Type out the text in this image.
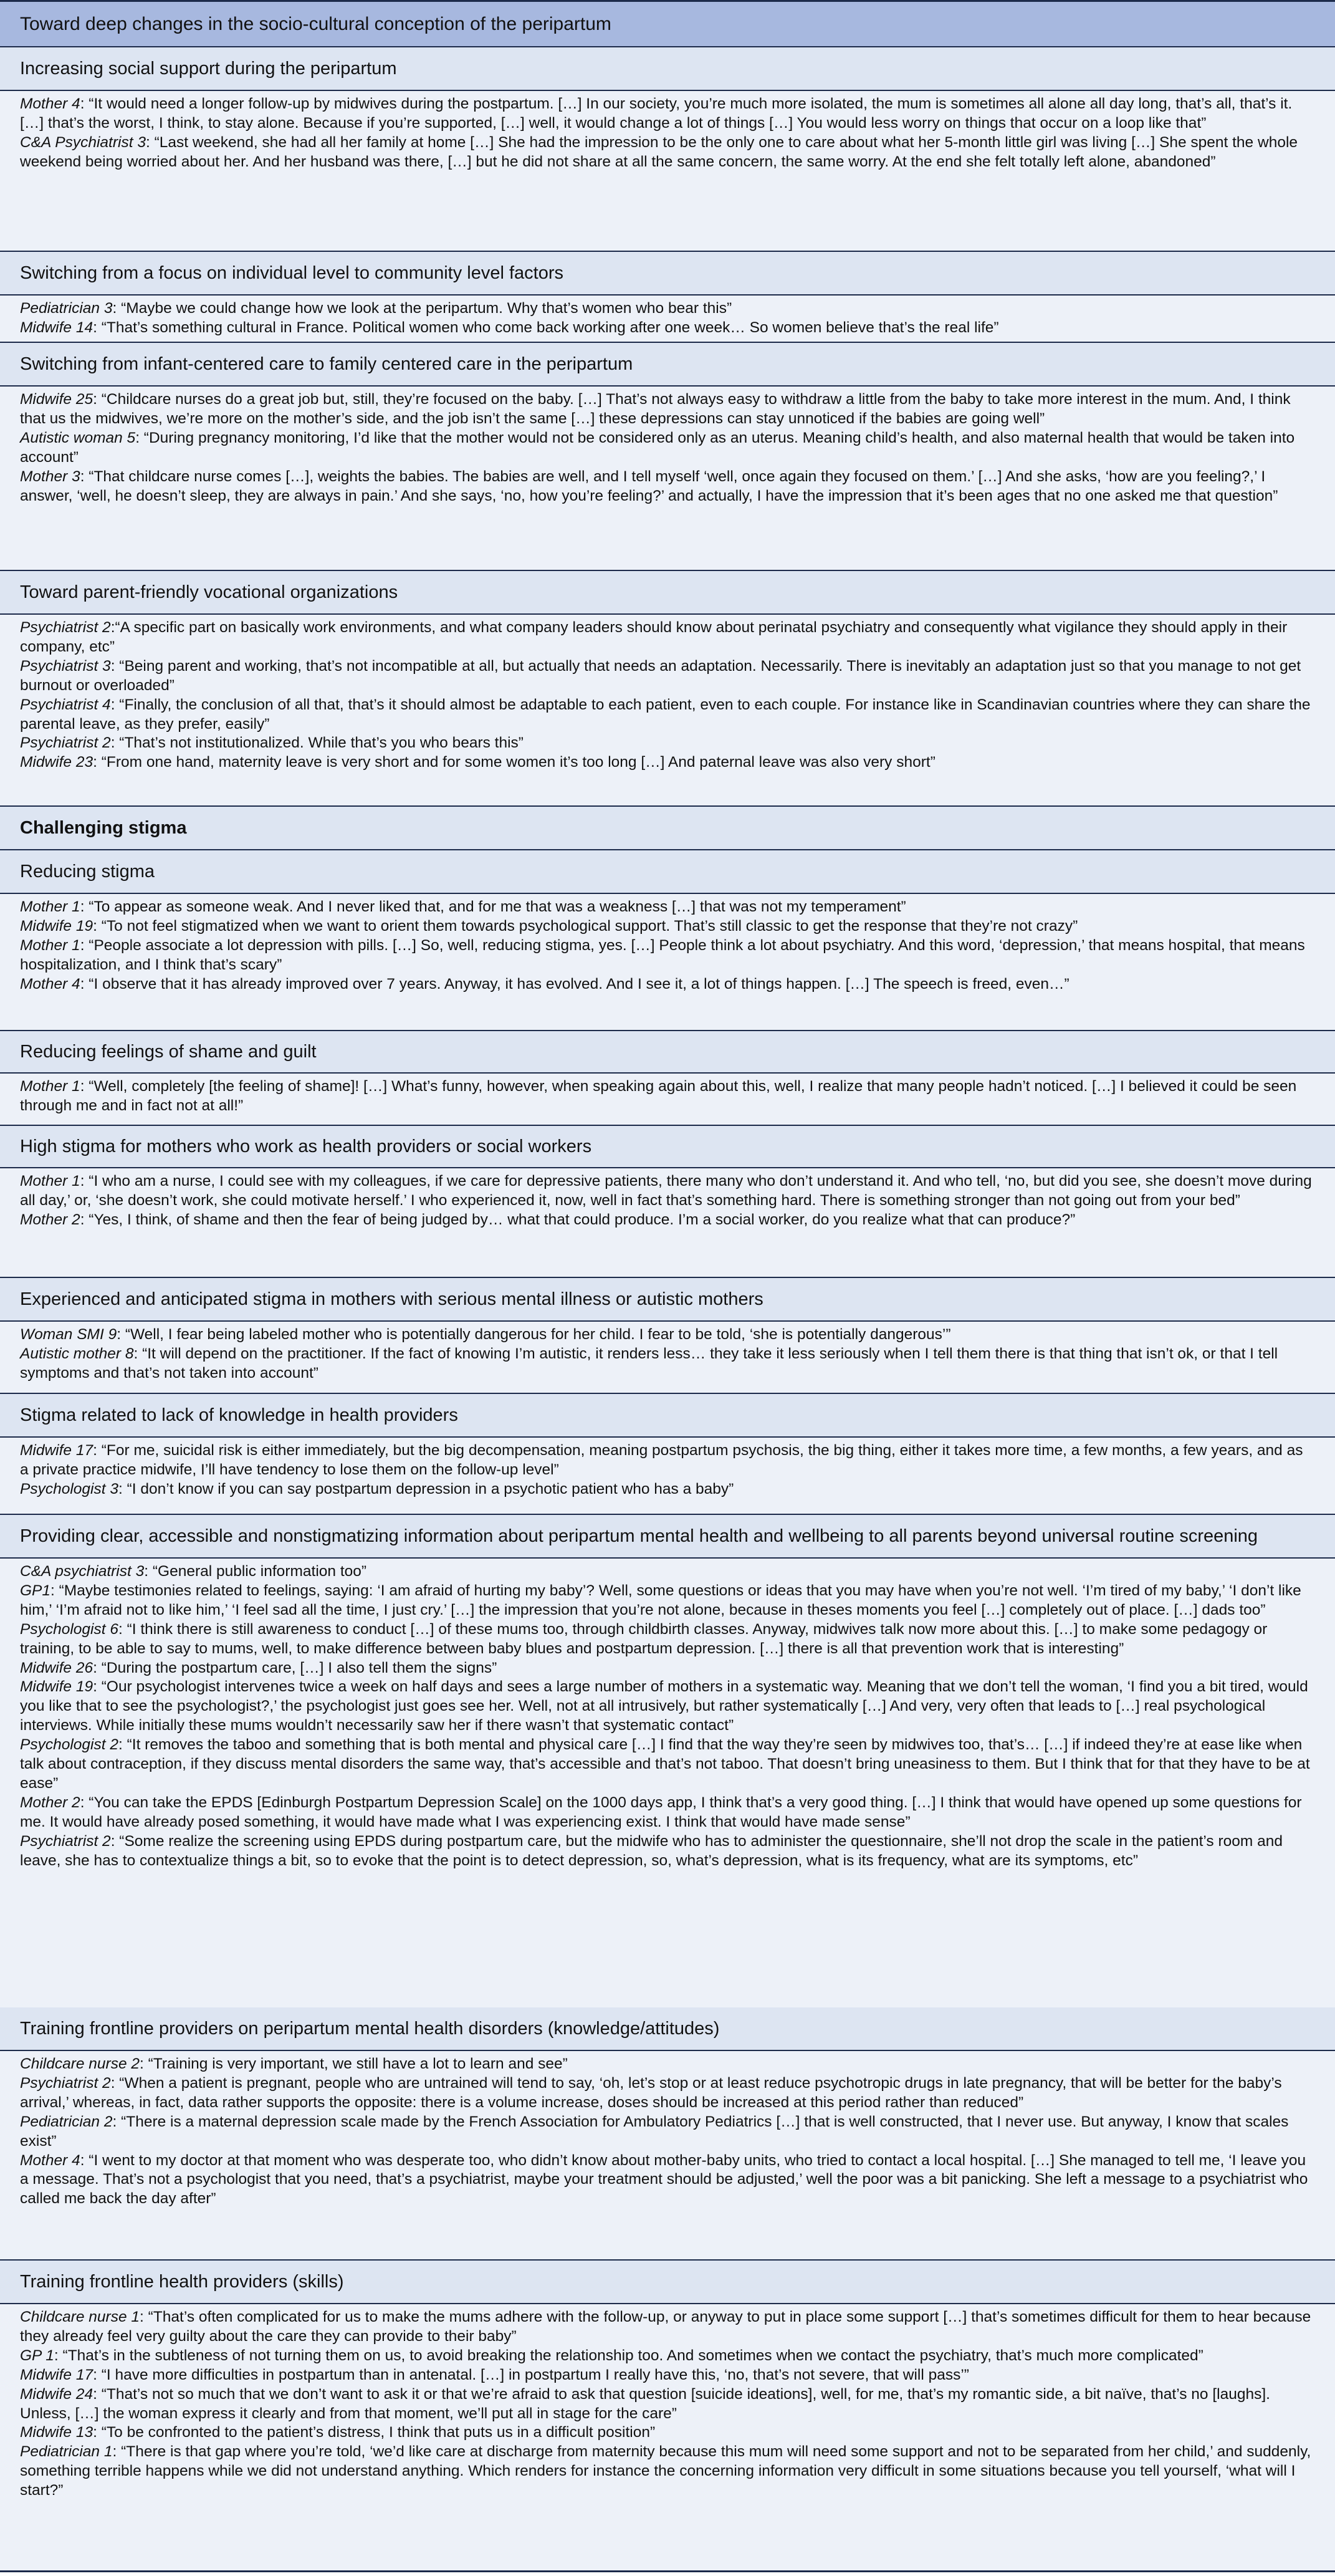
Toward deep changes in the socio-cultural conception of the peripartum
Increasing social support during the peripartum

Mother 4: “It would need a longer follow-up by midwives during the postpartum. […] In our society, you’re much more isolated, the mum is sometimes all alone all day long, that’s all, that’s it. […] that’s the worst, I think, to stay alone. Because if you’re supported, […] well, it would change a lot of things […] You would less worry on things that occur on a loop like that”

C&A Psychiatrist 3: “Last weekend, she had all her family at home […] She had the impression to be the only one to care about what her 5-month little girl was living […] She spent the whole weekend being worried about her. And her husband was there, […] but he did not share at all the same concern, the same worry. At the end she felt totally left alone, abandoned”

Switching from a focus on individual level to community level factors

Pediatrician 3: “Maybe we could change how we look at the peripartum. Why that’s women who bear this”

Midwife 14: “That’s something cultural in France. Political women who come back working after one week… So women believe that’s the real life”

Switching from infant-centered care to family centered care in the peripartum

Midwife 25: “Childcare nurses do a great job but, still, they’re focused on the baby. […] That’s not always easy to withdraw a little from the baby to take more interest in the mum. And, I think that us the midwives, we’re more on the mother’s side, and the job isn’t the same […] these depressions can stay unnoticed if the babies are going well”

Autistic woman 5: “During pregnancy monitoring, I’d like that the mother would not be considered only as an uterus. Meaning child’s health, and also maternal health that would be taken into account”

Mother 3: “That childcare nurse comes […], weights the babies. The babies are well, and I tell myself ‘well, once again they focused on them.’ […] And she asks, ‘how are you feeling?,’ I answer, ‘well, he doesn’t sleep, they are always in pain.’ And she says, ‘no, how you’re feeling?’ and actually, I have the impression that it’s been ages that no one asked me that question”

Toward parent-friendly vocational organizations

Psychiatrist 2:“A specific part on basically work environments, and what company leaders should know about perinatal psychiatry and consequently what vigilance they should apply in their company, etc”

Psychiatrist 3: “Being parent and working, that’s not incompatible at all, but actually that needs an adaptation. Necessarily. There is inevitably an adaptation just so that you manage to not get burnout or overloaded”

Psychiatrist 4: “Finally, the conclusion of all that, that’s it should almost be adaptable to each patient, even to each couple. For instance like in Scandinavian countries where they can share the parental leave, as they prefer, easily”

Psychiatrist 2: “That’s not institutionalized. While that’s you who bears this”

Midwife 23: “From one hand, maternity leave is very short and for some women it’s too long […] And paternal leave was also very short”

Challenging stigma
Reducing stigma

Mother 1: “To appear as someone weak. And I never liked that, and for me that was a weakness […] that was not my temperament”

Midwife 19: “To not feel stigmatized when we want to orient them towards psychological support. That’s still classic to get the response that they’re not crazy”

Mother 1: “People associate a lot depression with pills. […] So, well, reducing stigma, yes. […] People think a lot about psychiatry. And this word, ‘depression,’ that means hospital, that means hospitalization, and I think that’s scary”

Mother 4: “I observe that it has already improved over 7 years. Anyway, it has evolved. And I see it, a lot of things happen. […] The speech is freed, even…”

Reducing feelings of shame and guilt

Mother 1: “Well, completely [the feeling of shame]! […] What’s funny, however, when speaking again about this, well, I realize that many people hadn’t noticed. […] I believed it could be seen through me and in fact not at all!”

High stigma for mothers who work as health providers or social workers

Mother 1: “I who am a nurse, I could see with my colleagues, if we care for depressive patients, there many who don’t understand it. And who tell, ‘no, but did you see, she doesn’t move during all day,’ or, ‘she doesn’t work, she could motivate herself.’ I who experienced it, now, well in fact that’s something hard. There is something stronger than not going out from your bed”

Mother 2: “Yes, I think, of shame and then the fear of being judged by… what that could produce. I’m a social worker, do you realize what that can produce?”

Experienced and anticipated stigma in mothers with serious mental illness or autistic mothers

Woman SMI 9: “Well, I fear being labeled mother who is potentially dangerous for her child. I fear to be told, ‘she is potentially dangerous’”

Autistic mother 8: “It will depend on the practitioner. If the fact of knowing I’m autistic, it renders less… they take it less seriously when I tell them there is that thing that isn’t ok, or that I tell symptoms and that’s not taken into account”

Stigma related to lack of knowledge in health providers

Midwife 17: “For me, suicidal risk is either immediately, but the big decompensation, meaning postpartum psychosis, the big thing, either it takes more time, a few months, a few years, and as a private practice midwife, I’ll have tendency to lose them on the follow-up level”

Psychologist 3: “I don’t know if you can say postpartum depression in a psychotic patient who has a baby”

Providing clear, accessible and nonstigmatizing information about peripartum mental health and wellbeing to all parents beyond universal routine screening

C&A psychiatrist 3: “General public information too”

GP1: “Maybe testimonies related to feelings, saying: ‘I am afraid of hurting my baby’? Well, some questions or ideas that you may have when you’re not well. ‘I’m tired of my baby,’ ‘I don’t like him,’ ‘I’m afraid not to like him,’ ‘I feel sad all the time, I just cry.’ […] the impression that you’re not alone, because in theses moments you feel […] completely out of place. […] dads too”

Psychologist 6: “I think there is still awareness to conduct […] of these mums too, through childbirth classes. Anyway, midwives talk now more about this. […] to make some pedagogy or training, to be able to say to mums, well, to make difference between baby blues and postpartum depression. […] there is all that prevention work that is interesting”

Midwife 26: “During the postpartum care, […] I also tell them the signs”

Midwife 19: “Our psychologist intervenes twice a week on half days and sees a large number of mothers in a systematic way. Meaning that we don’t tell the woman, ‘I find you a bit tired, would you like that to see the psychologist?,’ the psychologist just goes see her. Well, not at all intrusively, but rather systematically […] And very, very often that leads to […] real psychological interviews. While initially these mums wouldn’t necessarily saw her if there wasn’t that systematic contact”

Psychologist 2: “It removes the taboo and something that is both mental and physical care […] I find that the way they’re seen by midwives too, that’s… […] if indeed they’re at ease like when talk about contraception, if they discuss mental disorders the same way, that’s accessible and that’s not taboo. That doesn’t bring uneasiness to them. But I think that for that they have to be at ease”

Mother 2: “You can take the EPDS [Edinburgh Postpartum Depression Scale] on the 1000 days app, I think that’s a very good thing. […] I think that would have opened up some questions for me. It would have already posed something, it would have made what I was experiencing exist. I think that would have made sense”

Psychiatrist 2: “Some realize the screening using EPDS during postpartum care, but the midwife who has to administer the questionnaire, she’ll not drop the scale in the patient’s room and leave, she has to contextualize things a bit, so to evoke that the point is to detect depression, so, what’s depression, what is its frequency, what are its symptoms, etc”

Training frontline providers on peripartum mental health disorders (knowledge/attitudes)

Childcare nurse 2: “Training is very important, we still have a lot to learn and see”

Psychiatrist 2: “When a patient is pregnant, people who are untrained will tend to say, ‘oh, let’s stop or at least reduce psychotropic drugs in late pregnancy, that will be better for the baby’s arrival,’ whereas, in fact, data rather supports the opposite: there is a volume increase, doses should be increased at this period rather than reduced”

Pediatrician 2: “There is a maternal depression scale made by the French Association for Ambulatory Pediatrics […] that is well constructed, that I never use. But anyway, I know that scales exist”

Mother 4: “I went to my doctor at that moment who was desperate too, who didn’t know about mother-baby units, who tried to contact a local hospital. […] She managed to tell me, ‘I leave you a message. That’s not a psychologist that you need, that’s a psychiatrist, maybe your treatment should be adjusted,’ well the poor was a bit panicking. She left a message to a psychiatrist who called me back the day after”

Training frontline health providers (skills)

Childcare nurse 1: “That’s often complicated for us to make the mums adhere with the follow-up, or anyway to put in place some support […] that’s sometimes difficult for them to hear because they already feel very guilty about the care they can provide to their baby”

GP 1: “That’s in the subtleness of not turning them on us, to avoid breaking the relationship too. And sometimes when we contact the psychiatry, that’s much more complicated”

Midwife 17: “I have more difficulties in postpartum than in antenatal. […] in postpartum I really have this, ‘no, that’s not severe, that will pass’”

Midwife 24: “That’s not so much that we don’t want to ask it or that we’re afraid to ask that question [suicide ideations], well, for me, that’s my romantic side, a bit naïve, that’s no [laughs]. Unless, […] the woman express it clearly and from that moment, we’ll put all in stage for the care”

Midwife 13: “To be confronted to the patient’s distress, I think that puts us in a difficult position”

Pediatrician 1: “There is that gap where you’re told, ‘we’d like care at discharge from maternity because this mum will need some support and not to be separated from her child,’ and suddenly, something terrible happens while we did not understand anything. Which renders for instance the concerning information very difficult in some situations because you tell yourself, ‘what will I start?”
